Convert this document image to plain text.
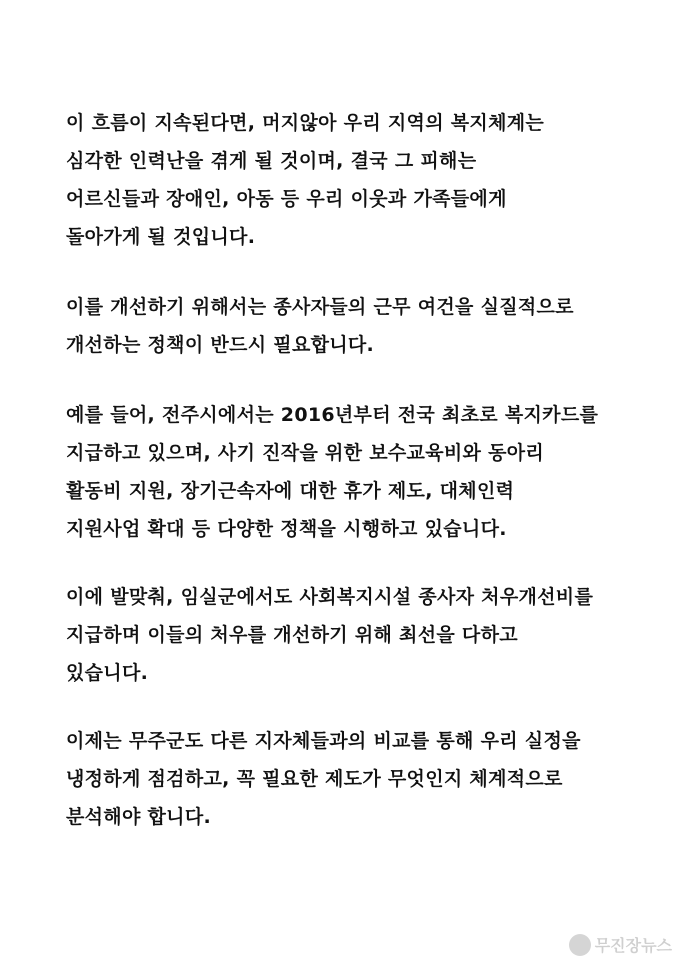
이 흐름이 지속된다면, 머지않아 우리 지역의 복지체계는
심각한 인력난을 겪게 될 것이며, 결국 그 피해는
어르신들과 장애인, 아동 등 우리 이웃과 가족들에게
돌아가게 될 것입니다.
이를 개선하기 위해서는 종사자들의 근무 여건을 실질적으로
개선하는 정책이 반드시 필요합니다.
예를 들어, 전주시에서는 2016년부터 전국 최초로 복지카드를
지급하고 있으며, 사기 진작을 위한 보수교육비와 동아리
활동비 지원, 장기근속자에 대한 휴가 제도, 대체인력
지원사업 확대 등 다양한 정책을 시행하고 있습니다.
이에 발맞춰, 임실군에서도 사회복지시설 종사자 처우개선비를
지급하며 이들의 처우를 개선하기 위해 최선을 다하고
있습니다.
이제는 무주군도 다른 지자체들과의 비교를 통해 우리 실정을
냉정하게 점검하고, 꼭 필요한 제도가 무엇인지 체계적으로
분석해야 합니다.
무진장뉴스
